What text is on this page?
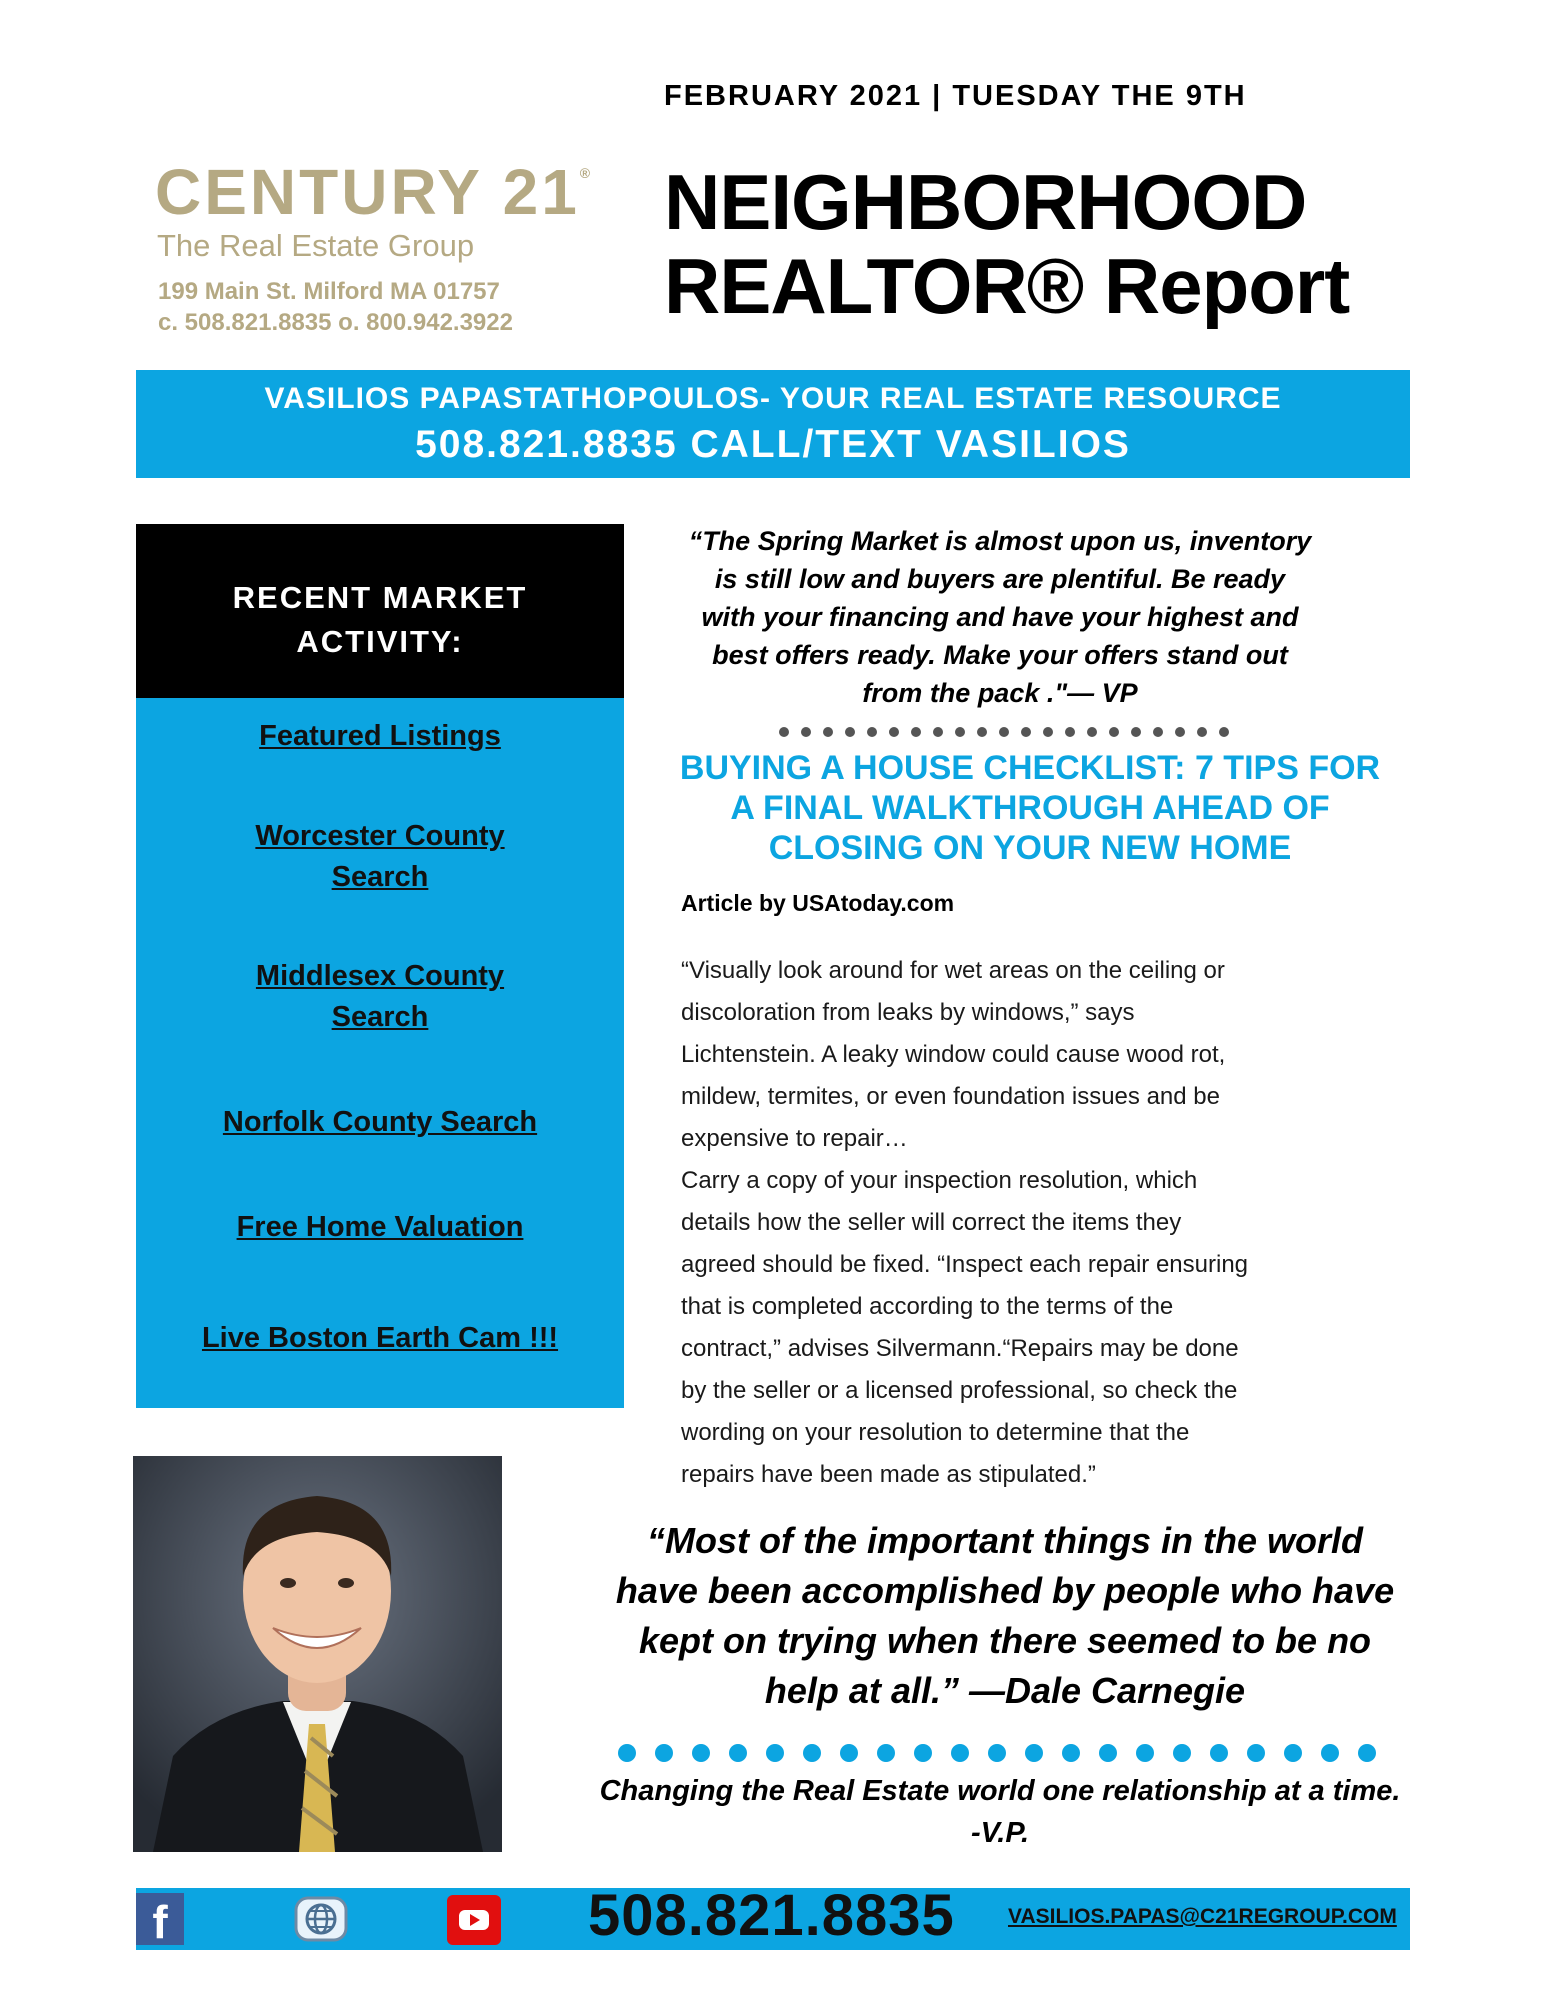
FEBRUARY 2021 | TUESDAY THE 9TH
CENTURY 21®
The Real Estate Group
199 Main St. Milford MA 01757
c. 508.821.8835 o. 800.942.3922
NEIGHBORHOOD
REALTOR® Report
VASILIOS PAPASTATHOPOULOS- YOUR REAL ESTATE RESOURCE
508.821.8835 CALL/TEXT VASILIOS
RECENT MARKET
ACTIVITY:
Featured Listings
Worcester County
Search
Middlesex County
Search
Norfolk County Search
Free Home Valuation
Live Boston Earth Cam !!!
“The Spring Market is almost upon us, inventory
is still low and buyers are plentiful. Be ready
with your financing and have your highest and
best offers ready. Make your offers stand out
from the pack ."— VP
BUYING A HOUSE CHECKLIST: 7 TIPS FOR
A FINAL WALKTHROUGH AHEAD OF
CLOSING ON YOUR NEW HOME
Article by USAtoday.com

“Visually look around for wet areas on the ceiling or

discoloration from leaks by windows,” says

Lichtenstein. A leaky window could cause wood rot,

mildew, termites, or even foundation issues and be

expensive to repair…

Carry a copy of your inspection resolution, which

details how the seller will correct the items they

agreed should be fixed. “Inspect each repair ensuring

that is completed according to the terms of the

contract,” advises Silvermann.“Repairs may be done

by the seller or a licensed professional, so check the

wording on your resolution to determine that the

repairs have been made as stipulated.”

“Most of the important things in the world
have been accomplished by people who have
kept on trying when there seemed to be no
help at all.” —Dale Carnegie
Changing the Real Estate world one relationship at a time.
-V.P.
f	508.821.8835	VASILIOS.PAPAS@C21REGROUP.COM
